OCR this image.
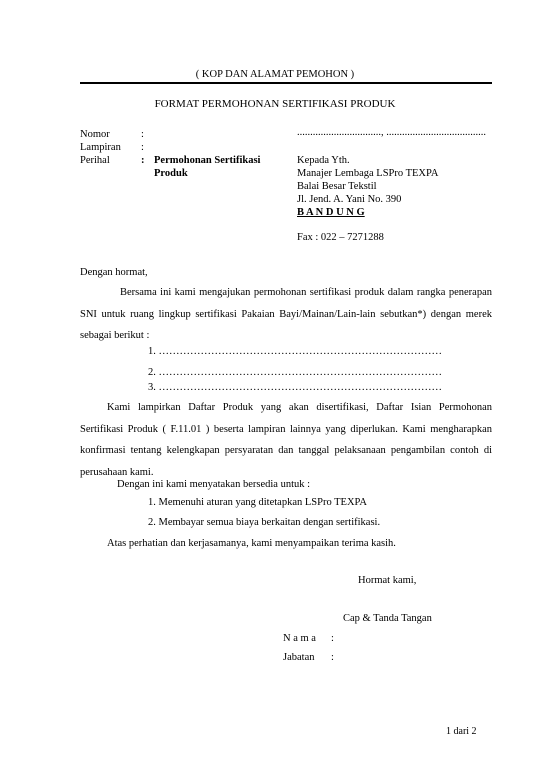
( KOP DAN ALAMAT PEMOHON )
FORMAT PERMOHONAN SERTIFIKASI PRODUK
Nomor	:	................................, ......................................
Lampiran :
Perihal	: Permohonan Sertifikasi
Produk
Kepada Yth.
Manajer Lembaga LSPro TEXPA
Balai Besar Tekstil
Jl. Jend. A. Yani No. 390
B A N D U N G
Fax : 022 – 7271288
Dengan hormat,
Bersama ini kami mengajukan permohonan sertifikasi produk dalam rangka penerapan SNI untuk ruang lingkup sertifikasi Pakaian Bayi/Mainan/Lain-lain sebutkan*) dengan merek sebagai berikut :
1. ………………………………………………………………………
2. ………………………………………………………………………
3. ………………………………………………………………………
Kami lampirkan Daftar Produk yang akan disertifikasi, Daftar Isian Permohonan Sertifikasi Produk ( F.11.01 ) beserta lampiran lainnya yang diperlukan. Kami mengharapkan konfirmasi tentang kelengkapan persyaratan dan tanggal pelaksanaan pengambilan contoh di perusahaan kami.
Dengan ini kami menyatakan bersedia untuk :
1. Memenuhi aturan yang ditetapkan LSPro TEXPA
2. Membayar semua biaya berkaitan dengan sertifikasi.
Atas perhatian dan kerjasamanya, kami menyampaikan terima kasih.
Hormat kami,
Cap & Tanda Tangan
N a m a :
Jabatan :
1 dari 2
